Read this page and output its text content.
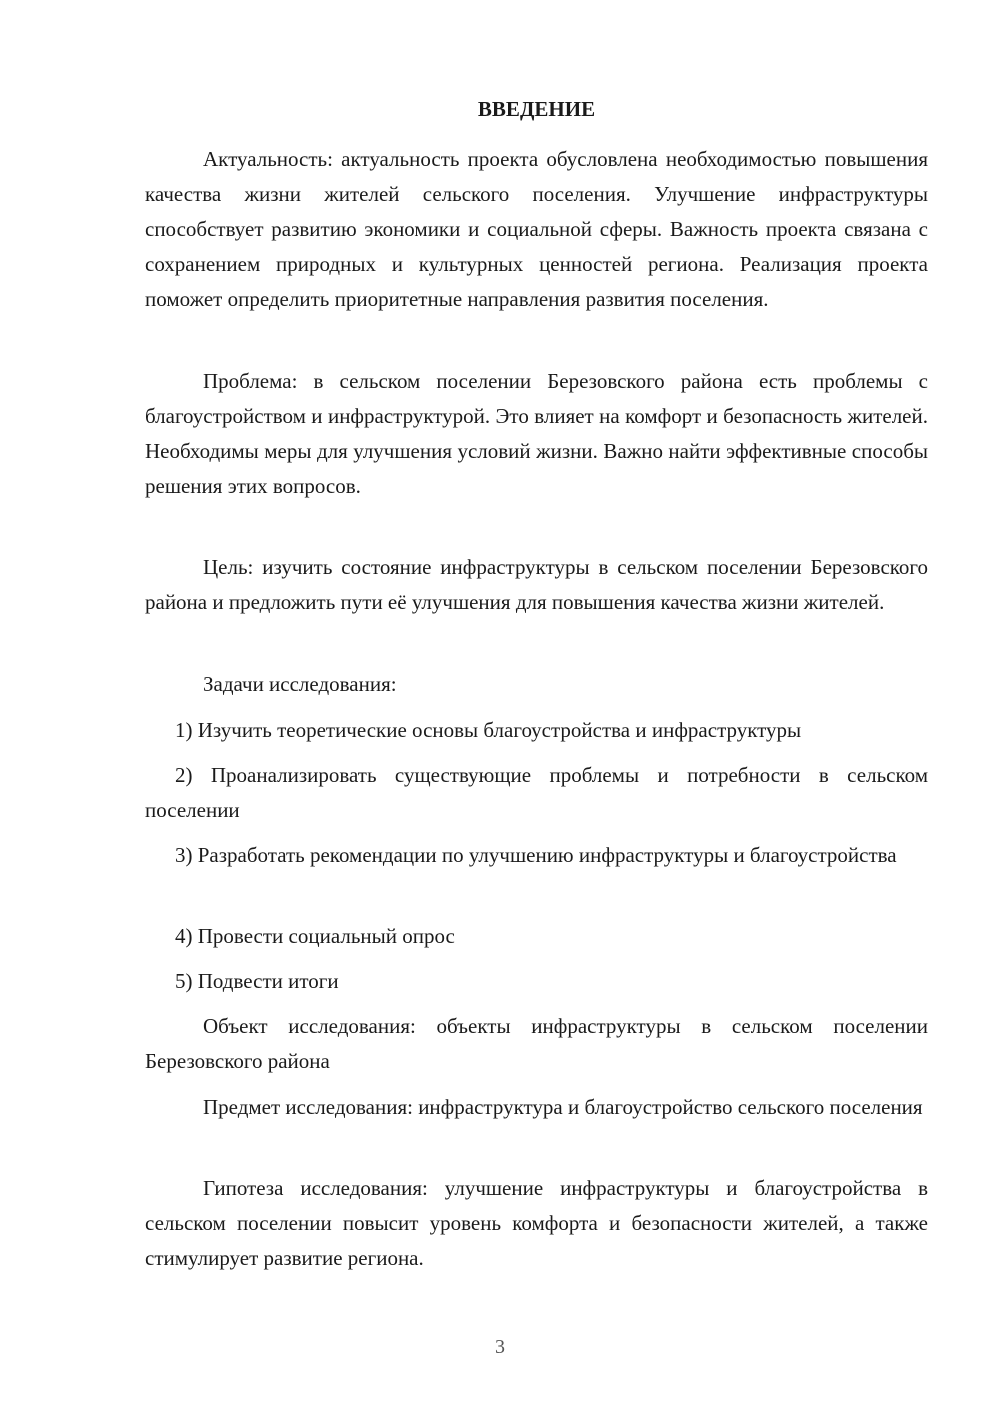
ВВЕДЕНИЕ

Актуальность: актуальность проекта обусловлена необходимостью повышения качества жизни жителей сельского поселения. Улучшение инфраструктуры способствует развитию экономики и социальной сферы. Важность проекта связана с сохранением природных и культурных ценностей региона. Реализация проекта поможет определить приоритетные направления развития поселения.

Проблема: в сельском поселении Березовского района есть проблемы с благоустройством и инфраструктурой. Это влияет на комфорт и безопасность жителей. Необходимы меры для улучшения условий жизни. Важно найти эффективные способы решения этих вопросов.

Цель: изучить состояние инфраструктуры в сельском поселении Березовского района и предложить пути её улучшения для повышения качества жизни жителей.

Задачи исследования:

1) Изучить теоретические основы благоустройства и инфраструктуры

2) Проанализировать существующие проблемы и потребности в сельском поселении

3) Разработать рекомендации по улучшению инфраструктуры и благоустройства

4) Провести социальный опрос

5) Подвести итоги

Объект исследования: объекты инфраструктуры в сельском поселении Березовского района

Предмет исследования: инфраструктура и благоустройство сельского поселения

Гипотеза исследования: улучшение инфраструктуры и благоустройства в сельском поселении повысит уровень комфорта и безопасности жителей, а также стимулирует развитие региона.

3
